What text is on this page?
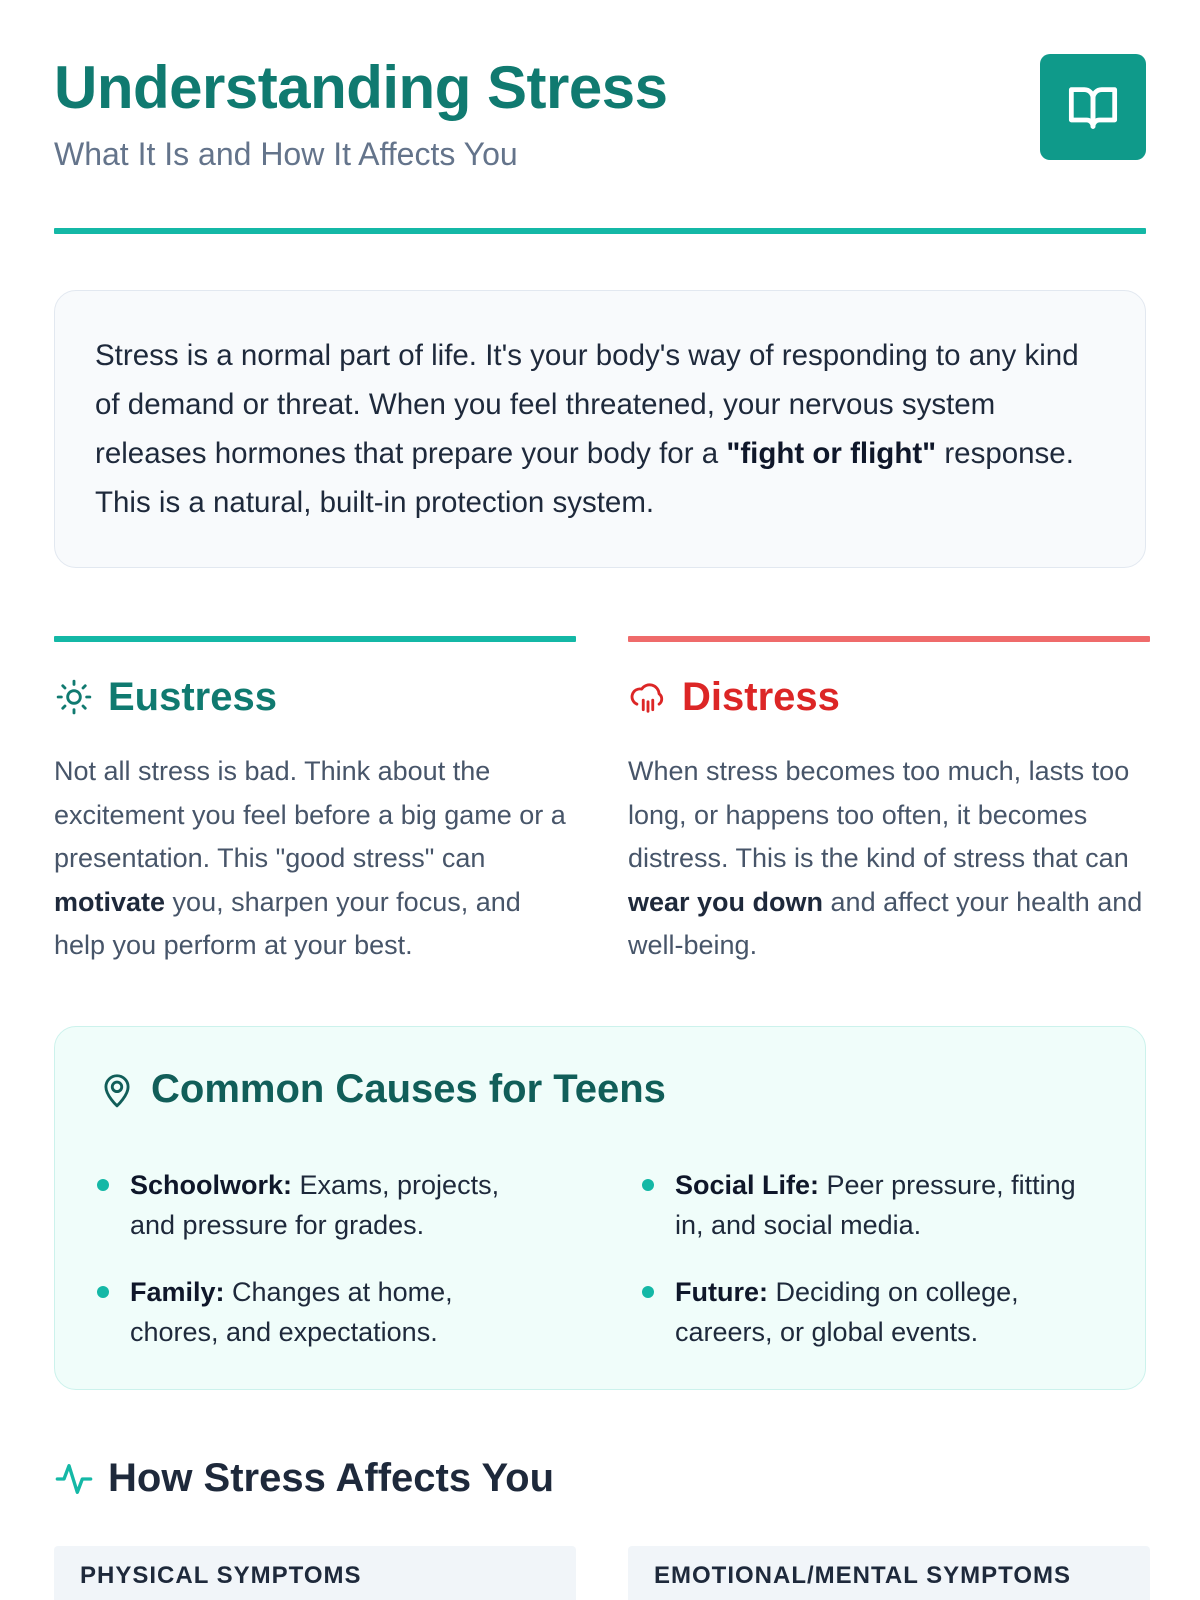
Understanding Stress
What It Is and How It Affects You

Stress is a normal part of life. It's your body's way of responding to any kind of demand or threat. When you feel threatened, your nervous system releases hormones that prepare your body for a "fight or flight" response. This is a natural, built-in protection system.

Eustress

Not all stress is bad. Think about the excitement you feel before a big game or a presentation. This "good stress" can motivate you, sharpen your focus, and help you perform at your best.

Distress

When stress becomes too much, lasts too long, or happens too often, it becomes distress. This is the kind of stress that can wear you down and affect your health and well-being.

Common Causes for Teens
Schoolwork: Exams, projects, and pressure for grades.
Social Life: Peer pressure, fitting in, and social media.
Family: Changes at home, chores, and expectations.
Future: Deciding on college, careers, or global events.
How Stress Affects You
PHYSICAL SYMPTOMS	EMOTIONAL/MENTAL SYMPTOMS
